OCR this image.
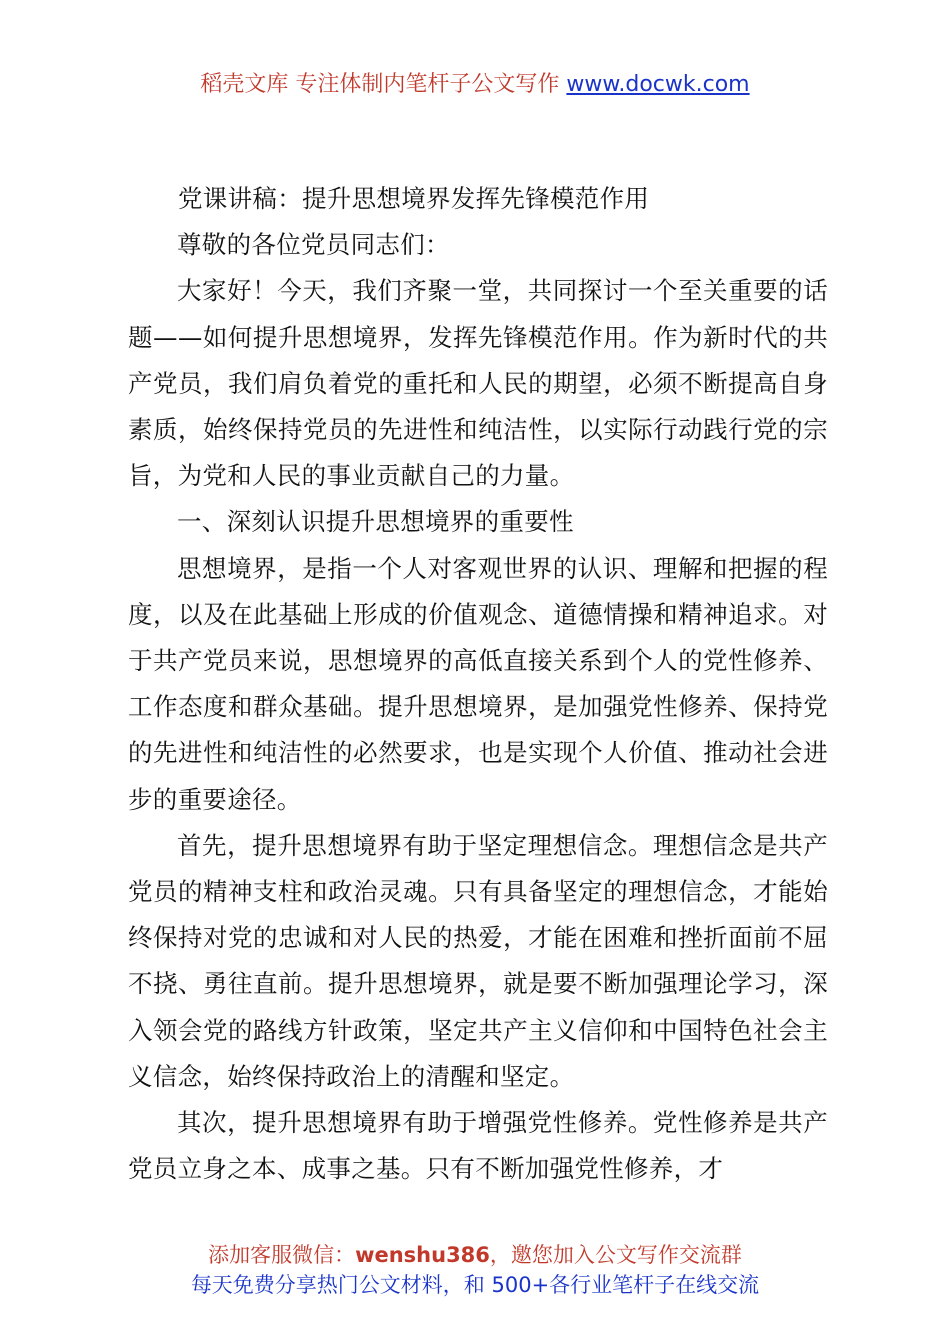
稻壳文库 专注体制内笔杆子公文写作 www.docwk.com

党课讲稿：提升思想境界发挥先锋模范作用

尊敬的各位党员同志们：

大家好！今天，我们齐聚一堂，共同探讨一个至关重要的话题——如何提升思想境界，发挥先锋模范作用。作为新时代的共产党员，我们肩负着党的重托和人民的期望，必须不断提高自身素质，始终保持党员的先进性和纯洁性，以实际行动践行党的宗旨，为党和人民的事业贡献自己的力量。

一、深刻认识提升思想境界的重要性

思想境界，是指一个人对客观世界的认识、理解和把握的程度，以及在此基础上形成的价值观念、道德情操和精神追求。对于共产党员来说，思想境界的高低直接关系到个人的党性修养、工作态度和群众基础。提升思想境界，是加强党性修养、保持党的先进性和纯洁性的必然要求，也是实现个人价值、推动社会进步的重要途径。

首先，提升思想境界有助于坚定理想信念。理想信念是共产党员的精神支柱和政治灵魂。只有具备坚定的理想信念，才能始终保持对党的忠诚和对人民的热爱，才能在困难和挫折面前不屈不挠、勇往直前。提升思想境界，就是要不断加强理论学习，深入领会党的路线方针政策，坚定共产主义信仰和中国特色社会主义信念，始终保持政治上的清醒和坚定。

其次，提升思想境界有助于增强党性修养。党性修养是共产党员立身之本、成事之基。只有不断加强党性修养，才

添加客服微信：wenshu386，邀您加入公文写作交流群
每天免费分享热门公文材料，和 500+各行业笔杆子在线交流
